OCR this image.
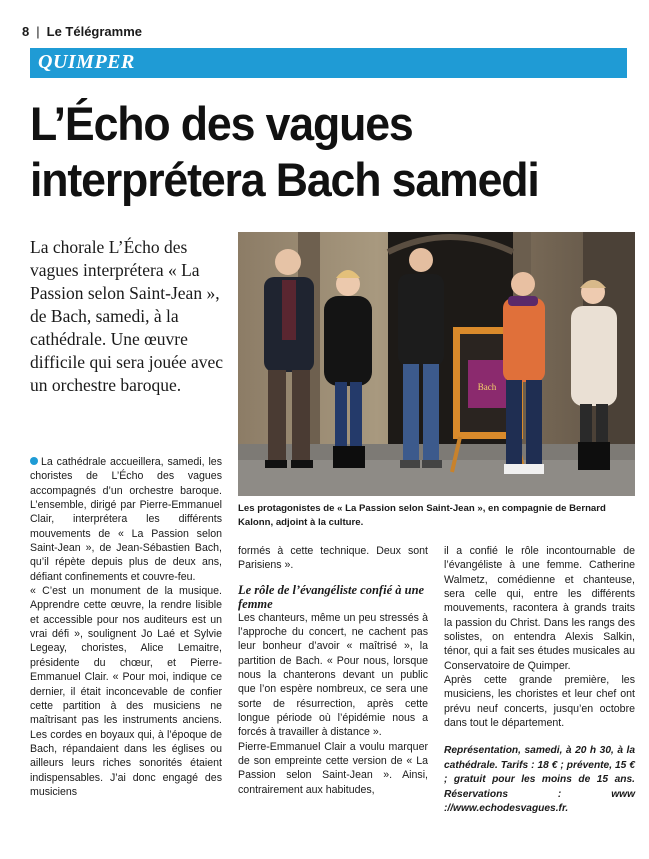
8 | Le Télégramme
QUIMPER
L’Écho des vagues interprétera Bach samedi
La chorale L’Écho des vagues interprétera « La Passion selon Saint-Jean », de Bach, samedi, à la cathédrale. Une œuvre difficile qui sera jouée avec un orchestre baroque.	Bach
Les protagonistes de « La Passion selon Saint-Jean », en compagnie de Bernard Kalonn, adjoint à la culture.

La cathédrale accueillera, samedi, les choristes de L’Écho des vagues accompagnés d’un orchestre baroque. L’ensemble, dirigé par Pierre-Emmanuel Clair, interprétera les différents mouvements de « La Passion selon Saint-Jean », de Jean-Sébastien Bach, qu’il répète depuis plus de deux ans, défiant confinements et couvre-feu.

« C’est un monument de la musique. Apprendre cette œuvre, la rendre lisible et accessible pour nos auditeurs est un vrai défi », soulignent Jo Laé et Sylvie Legeay, choristes, Alice Lemaitre, présidente du chœur, et Pierre-Emmanuel Clair. « Pour moi, indique ce dernier, il était inconcevable de confier cette partition à des musiciens ne maîtrisant pas les instruments anciens. Les cordes en boyaux qui, à l’époque de Bach, répandaient dans les églises ou ailleurs leurs riches sonorités étaient indispensables. J’ai donc engagé des musiciens

formés à cette technique. Deux sont Parisiens ».

Le rôle de l’évangéliste confié à une femme

Les chanteurs, même un peu stressés à l’approche du concert, ne cachent pas leur bonheur d’avoir « maîtrisé », la partition de Bach. « Pour nous, lorsque nous la chanterons devant un public que l’on espère nombreux, ce sera une sorte de résurrection, après cette longue période où l’épidémie nous a forcés à travailler à distance ».

Pierre-Emmanuel Clair a voulu marquer de son empreinte cette version de « La Passion selon Saint-Jean ». Ainsi, contrairement aux habitudes,

il a confié le rôle incontournable de l’évangéliste à une femme. Catherine Walmetz, comédienne et chanteuse, sera celle qui, entre les différents mouvements, racontera à grands traits la passion du Christ. Dans les rangs des solistes, on entendra Alexis Salkin, ténor, qui a fait ses études musicales au Conservatoire de Quimper.

Après cette grande première, les musiciens, les choristes et leur chef ont prévu neuf concerts, jusqu’en octobre dans tout le département.

Représentation, samedi, à 20 h 30, à la cathédrale. Tarifs : 18 € ; prévente, 15 € ; gratuit pour les moins de 15 ans. Réservations : www ://www.echodesvagues.fr.
